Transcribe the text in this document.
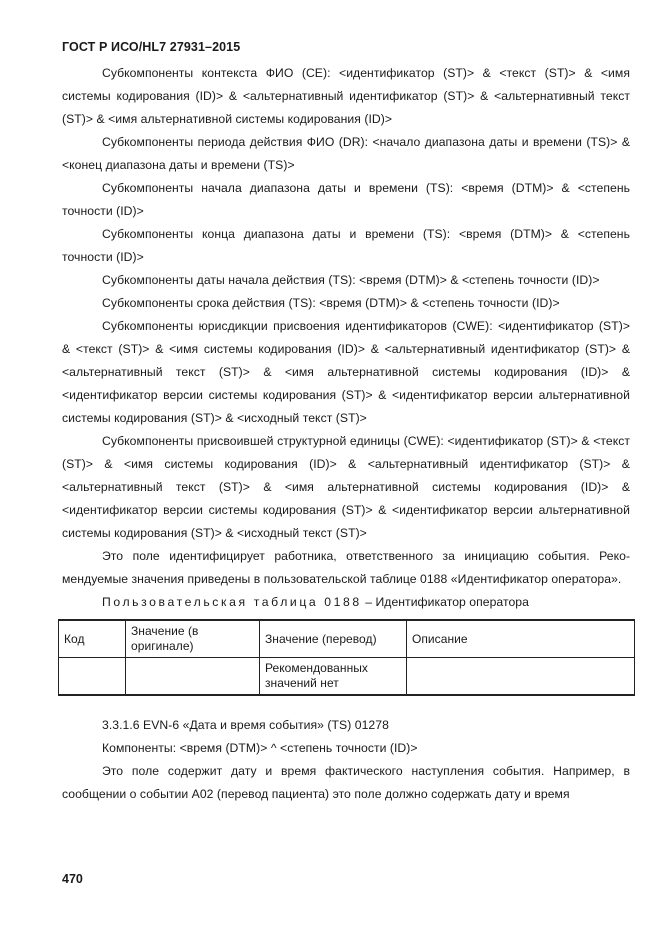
ГОСТ Р ИСО/HL7 27931–2015

Субкомпоненты контекста ФИО (CE): <идентификатор (ST)> & <текст (ST)> & <имя системы кодирования (ID)> & <альтернативный идентификатор (ST)> & <альтернативный текст (ST)> & <имя альтернативной системы кодирования (ID)>

Субкомпоненты периода действия ФИО (DR): <начало диапазона даты и времени (TS)> & <конец диапазона даты и времени (TS)>

Субкомпоненты начала диапазона даты и времени (TS): <время (DTM)> & <степень точности (ID)>

Субкомпоненты конца диапазона даты и времени (TS): <время (DTM)> & <степень точности (ID)>

Субкомпоненты даты начала действия (TS): <время (DTM)> & <степень точности (ID)>

Субкомпоненты срока действия (TS): <время (DTM)> & <степень точности (ID)>

Субкомпоненты юрисдикции присвоения идентификаторов (CWE): <идентификатор (ST)> & <текст (ST)> & <имя системы кодирования (ID)> & <альтернативный идентификатор (ST)> & <альтернативный текст (ST)> & <имя альтернативной системы кодирования (ID)> & <идентификатор версии системы кодирования (ST)> & <идентификатор версии альтернативной системы кодирования (ST)> & <исходный текст (ST)>

Субкомпоненты присвоившей структурной единицы (CWE): <идентификатор (ST)> & <текст (ST)> & <имя системы кодирования (ID)> & <альтернативный идентификатор (ST)> & <альтернативный текст (ST)> & <имя альтернативной системы кодирования (ID)> & <идентификатор версии системы кодирования (ST)> & <идентификатор версии альтернативной системы кодирования (ST)> & <исходный текст (ST)>

Это поле идентифицирует работника, ответственного за инициацию события. Рекомендуемые значения приведены в пользовательской таблице 0188 «Идентификатор оператора».

Пользовательская таблица 0188 – Идентификатор оператора
Код	Значение (в оригинале)	Значение (перевод)	Описание
		Рекомендованных значений нет	

3.3.1.6 EVN-6 «Дата и время события» (TS) 01278

Компоненты: <время (DTM)> ^ <степень точности (ID)>

Это поле содержит дату и время фактического наступления события. Например, в сообщении о событии A02 (перевод пациента) это поле должно содержать дату и время

470
